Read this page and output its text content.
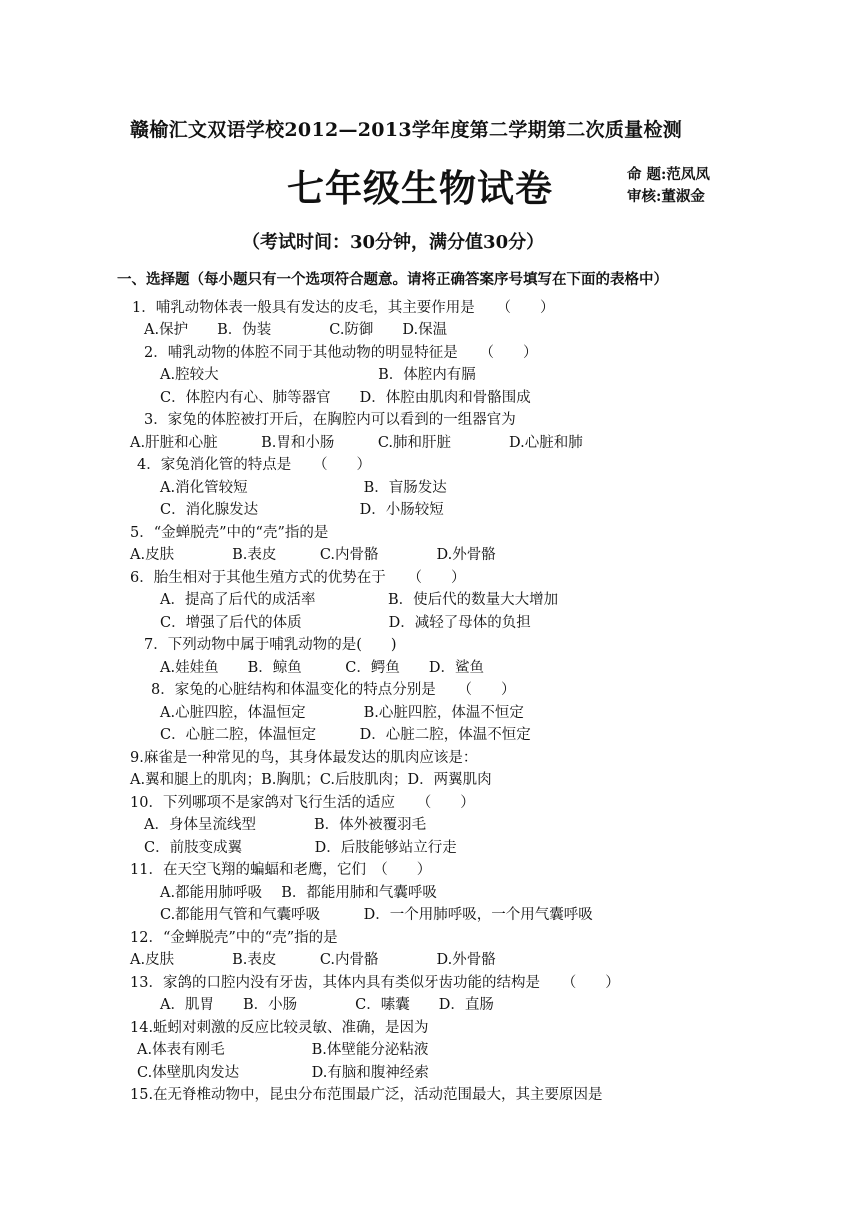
赣榆汇文双语学校2012—2013学年度第二学期第二次质量检测
七年级生物试卷	命 题:范凤凤
审核:董淑金
（考试时间：30分钟，满分值30分）
一、选择题（每小题只有一个选项符合题意。请将正确答案序号填写在下面的表格中）
1．哺乳动物体表一般具有发达的皮毛，其主要作用是　　（　　）
A.保护　　B．伪装　　　　C.防御　　D.保温
2．哺乳动物的体腔不同于其他动物的明显特征是　　（　　）
A.腔较大　　　　　　　　　　　B．体腔内有膈
C．体腔内有心、肺等器官　　D．体腔由肌肉和骨骼围成
3．家兔的体腔被打开后，在胸腔内可以看到的一组器官为
A.肝脏和心脏　　　B.胃和小肠　　　C.肺和肝脏　　　　D.心脏和肺
4．家兔消化管的特点是　　（　　）
A.消化管较短　　　　　　　　B．盲肠发达
C．消化腺发达　　　　　　　D．小肠较短
5．“金蝉脱壳”中的“壳”指的是
A.皮肤　　　　B.表皮　　　C.内骨骼　　　　D.外骨骼
6．胎生相对于其他生殖方式的优势在于　　（　　）
A．提高了后代的成活率　　　　　B．使后代的数量大大增加
C．增强了后代的体质　　　　　　D．减轻了母体的负担
7．下列动物中属于哺乳动物的是(　　)
A.娃娃鱼　　B．鲸鱼　　　C．鳄鱼　　D．鲨鱼
8．家兔的心脏结构和体温变化的特点分别是　　（　　）
A.心脏四腔，体温恒定　　　　B.心脏四腔，体温不恒定
C．心脏二腔，体温恒定　　　D．心脏二腔，体温不恒定
9.麻雀是一种常见的鸟，其身体最发达的肌肉应该是：
A.翼和腿上的肌肉；B.胸肌；C.后肢肌肉；D．两翼肌肉
10．下列哪项不是家鸽对飞行生活的适应　　（　　）
A．身体呈流线型　　　　B．体外被覆羽毛
C．前肢变成翼　　　　　D．后肢能够站立行走
11．在天空飞翔的蝙蝠和老鹰，它们　（　　）
A.都能用肺呼吸　 B．都能用肺和气囊呼吸
C.都能用气管和气囊呼吸　　　D．一个用肺呼吸，一个用气囊呼吸
12．“金蝉脱壳”中的“壳”指的是
A.皮肤　　　　B.表皮　　　C.内骨骼　　　　D.外骨骼
13．家鸽的口腔内没有牙齿，其体内具有类似牙齿功能的结构是　　（　　）
A．肌胃　　B．小肠　　　　C．嗉囊　　D．直肠
14.蚯蚓对刺激的反应比较灵敏、准确，是因为
A.体表有刚毛　　　　　　B.体壁能分泌粘液
C.体壁肌肉发达　　　　　D.有脑和腹神经索
15.在无脊椎动物中，昆虫分布范围最广泛，活动范围最大，其主要原因是
